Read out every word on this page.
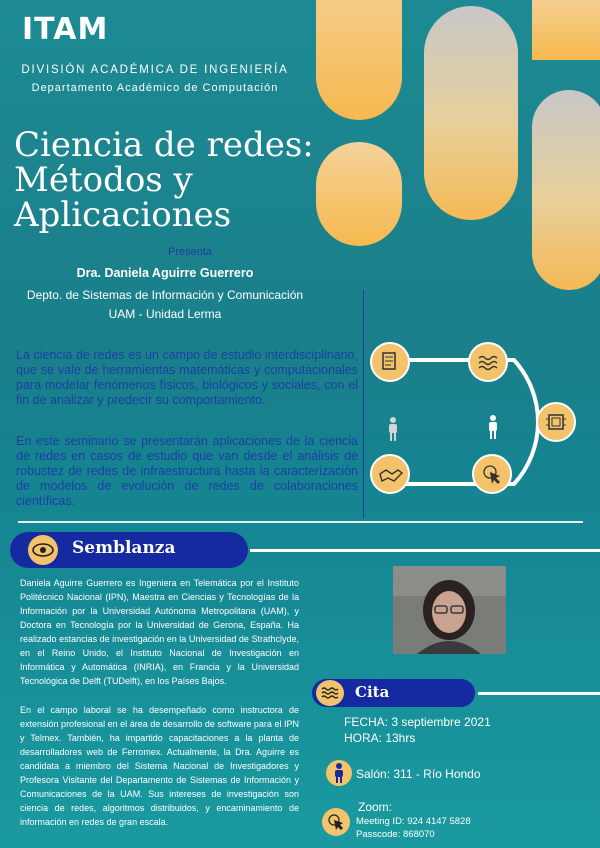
ITAM
DIVISIÓN ACADÉMICA DE INGENIERÍA
Departamento Académico de Computación
Ciencia de redes:
Métodos y
Aplicaciones
Presenta
Dra. Daniela Aguirre Guerrero
Depto. de Sistemas de Información y Comunicación
UAM - Unidad Lerma
La ciencia de redes es un campo de estudio interdisciplinario, que se vale de herramientas matemáticas y computacionales para modelar fenómenos físicos, biológicos y sociales, con el fin de analizar y predecir su comportamiento.
En este seminario se presentarán aplicaciones de la ciencia de redes en casos de estudio que van desde el análisis de robustez de redes de infraestructura hasta la caracterización de modelos de evolución de redes de colaboraciones científicas.
Semblanza
Daniela Aguirre Guerrero es Ingeniera en Telemática por el Instituto Politécnico Nacional (IPN), Maestra en Ciencias y Tecnologías de la Información por la Universidad Autónoma Metropolitana (UAM), y Doctora en Tecnología por la Universidad de Gerona, España. Ha realizado estancias de investigación en la Universidad de Strathclyde, en el Reino Unido, el Instituto Nacional de Investigación en Informática y Automática (INRIA), en Francia y la Universidad Tecnológica de Delft (TUDelft), en los Países Bajos.
En el campo laboral se ha desempeñado como instructora de extensión profesional en el área de desarrollo de software para el IPN y Telmex. También, ha impartido capacitaciones a la planta de desarrolladores web de Ferromex. Actualmente, la Dra. Aguirre es candidata a miembro del Sistema Nacional de Investigadores y Profesora Visitante del Departamento de Sistemas de Información y Comunicaciones de la UAM. Sus intereses de investigación son ciencia de redes, algoritmos distribuidos, y encaminamiento de información en redes de gran escala.
Cita
FECHA: 3 septiembre 2021
HORA: 13hrs
Salón: 311 - Río Hondo
Zoom:
Meeting ID: 924 4147 5828
Passcode: 868070
